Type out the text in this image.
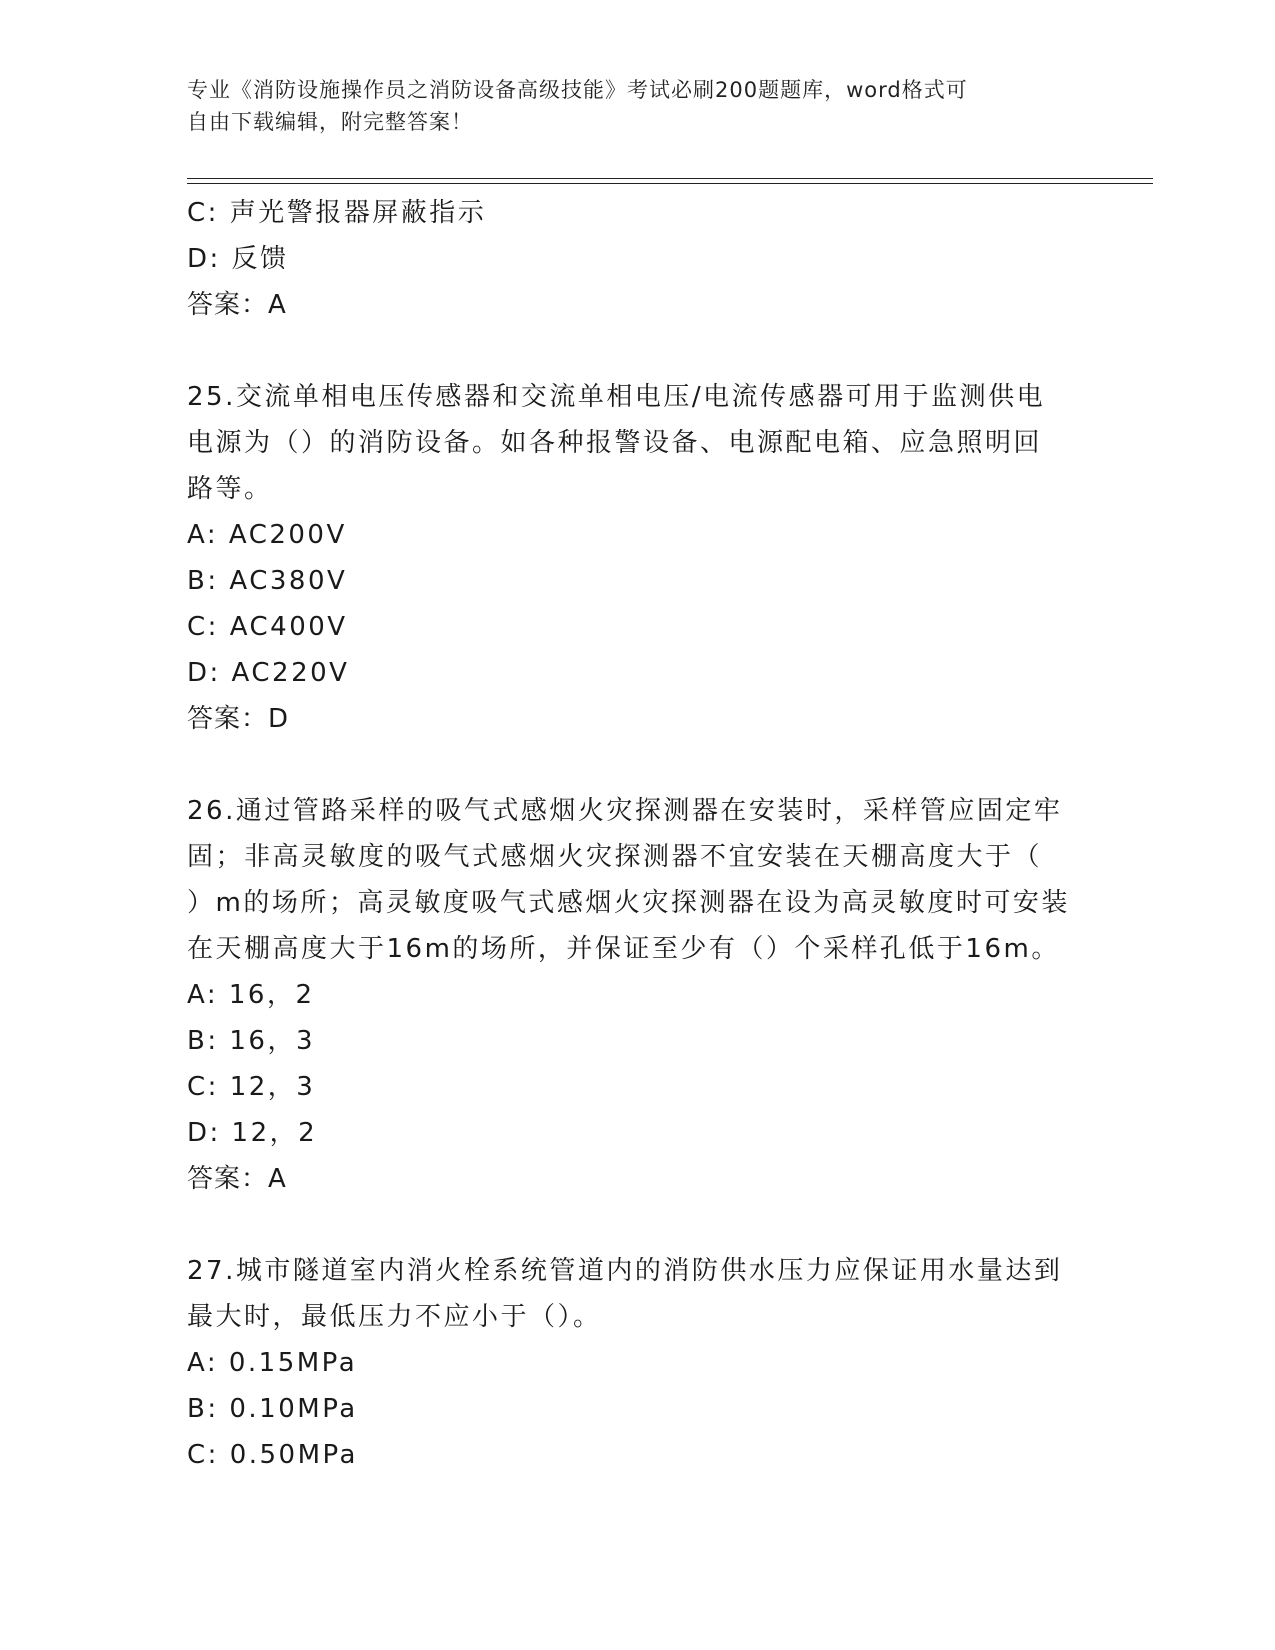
专业《消防设施操作员之消防设备高级技能》考试必刷200题题库，word格式可
自由下载编辑，附完整答案！
C: 声光警报器屏蔽指示
D: 反馈
答案：A
25.交流单相电压传感器和交流单相电压/电流传感器可用于监测供电
电源为（）的消防设备。如各种报警设备、电源配电箱、应急照明回
路等。
A: AC200V
B: AC380V
C: AC400V
D: AC220V
答案：D
26.通过管路采样的吸气式感烟火灾探测器在安装时，采样管应固定牢
固；非高灵敏度的吸气式感烟火灾探测器不宜安装在天棚高度大于（
）m的场所；高灵敏度吸气式感烟火灾探测器在设为高灵敏度时可安装
在天棚高度大于16m的场所，并保证至少有（）个采样孔低于16m。
A: 16，2
B: 16，3
C: 12，3
D: 12，2
答案：A
27.城市隧道室内消火栓系统管道内的消防供水压力应保证用水量达到
最大时，最低压力不应小于（）。
A: 0.15MPa
B: 0.10MPa
C: 0.50MPa
